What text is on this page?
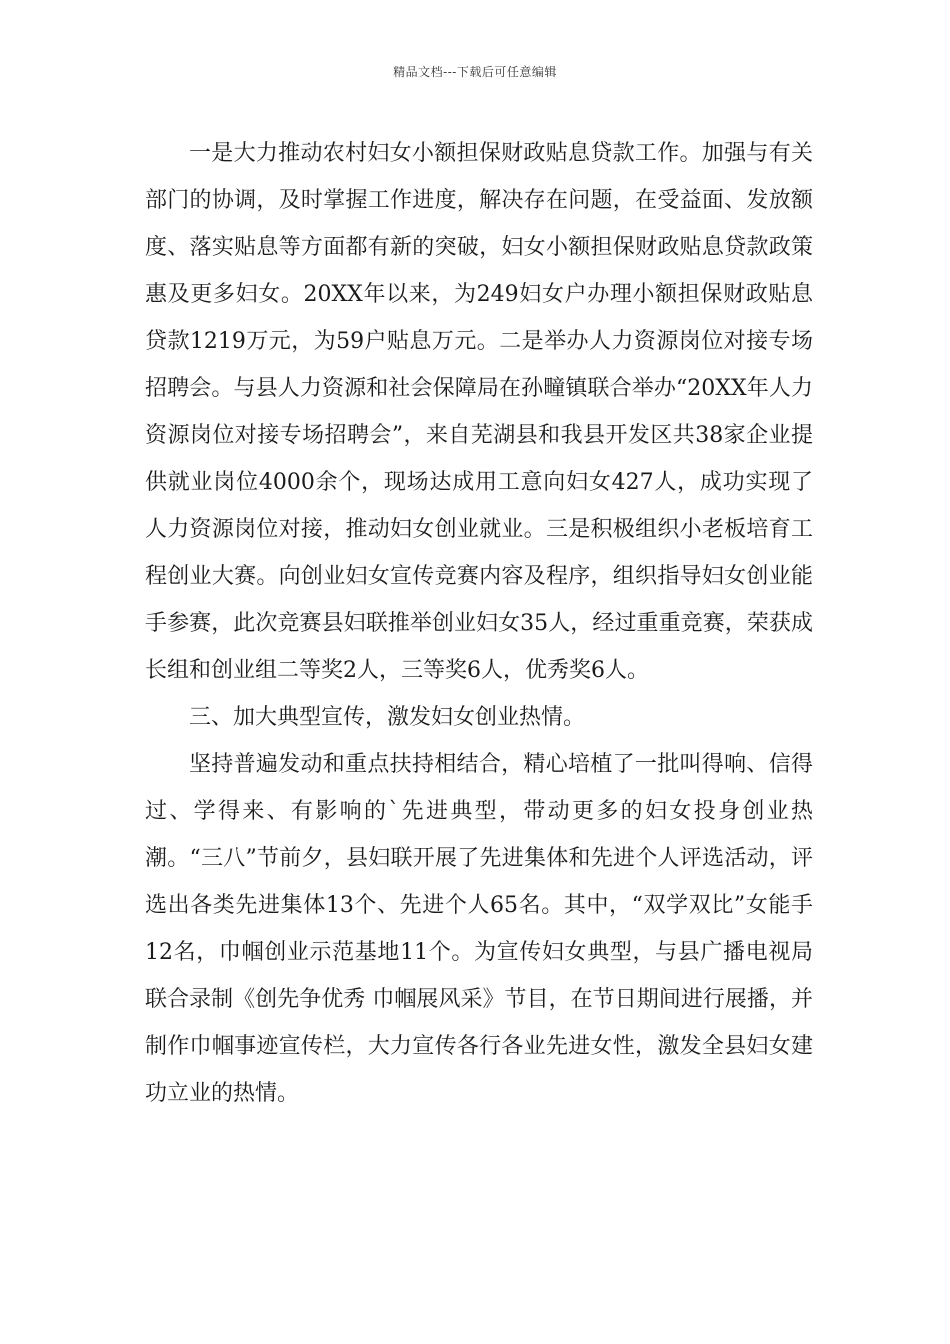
精品文档---下载后可任意编辑

一是大力推动农村妇女小额担保财政贴息贷款工作。加强与有关部门的协调，及时掌握工作进度，解决存在问题，在受益面、发放额度、落实贴息等方面都有新的突破，妇女小额担保财政贴息贷款政策惠及更多妇女。20XX年以来，为249妇女户办理小额担保财政贴息贷款1219万元，为59户贴息万元。二是举办人力资源岗位对接专场招聘会。与县人力资源和社会保障局在孙疃镇联合举办“20XX年人力资源岗位对接专场招聘会”，来自芜湖县和我县开发区共38家企业提供就业岗位4000余个，现场达成用工意向妇女427人，成功实现了人力资源岗位对接，推动妇女创业就业。三是积极组织小老板培育工程创业大赛。向创业妇女宣传竞赛内容及程序，组织指导妇女创业能手参赛，此次竞赛县妇联推举创业妇女35人，经过重重竞赛，荣获成长组和创业组二等奖2人，三等奖6人，优秀奖6人。

三、加大典型宣传，激发妇女创业热情。

坚持普遍发动和重点扶持相结合，精心培植了一批叫得响、信得过、学得来、有影响的`先进典型，带动更多的妇女投身创业热潮。“三八”节前夕，县妇联开展了先进集体和先进个人评选活动，评选出各类先进集体13个、先进个人65名。其中，“双学双比”女能手12名，巾帼创业示范基地11个。为宣传妇女典型，与县广播电视局联合录制《创先争优秀 巾帼展风采》节目，在节日期间进行展播，并制作巾帼事迹宣传栏，大力宣传各行各业先进女性，激发全县妇女建功立业的热情。
